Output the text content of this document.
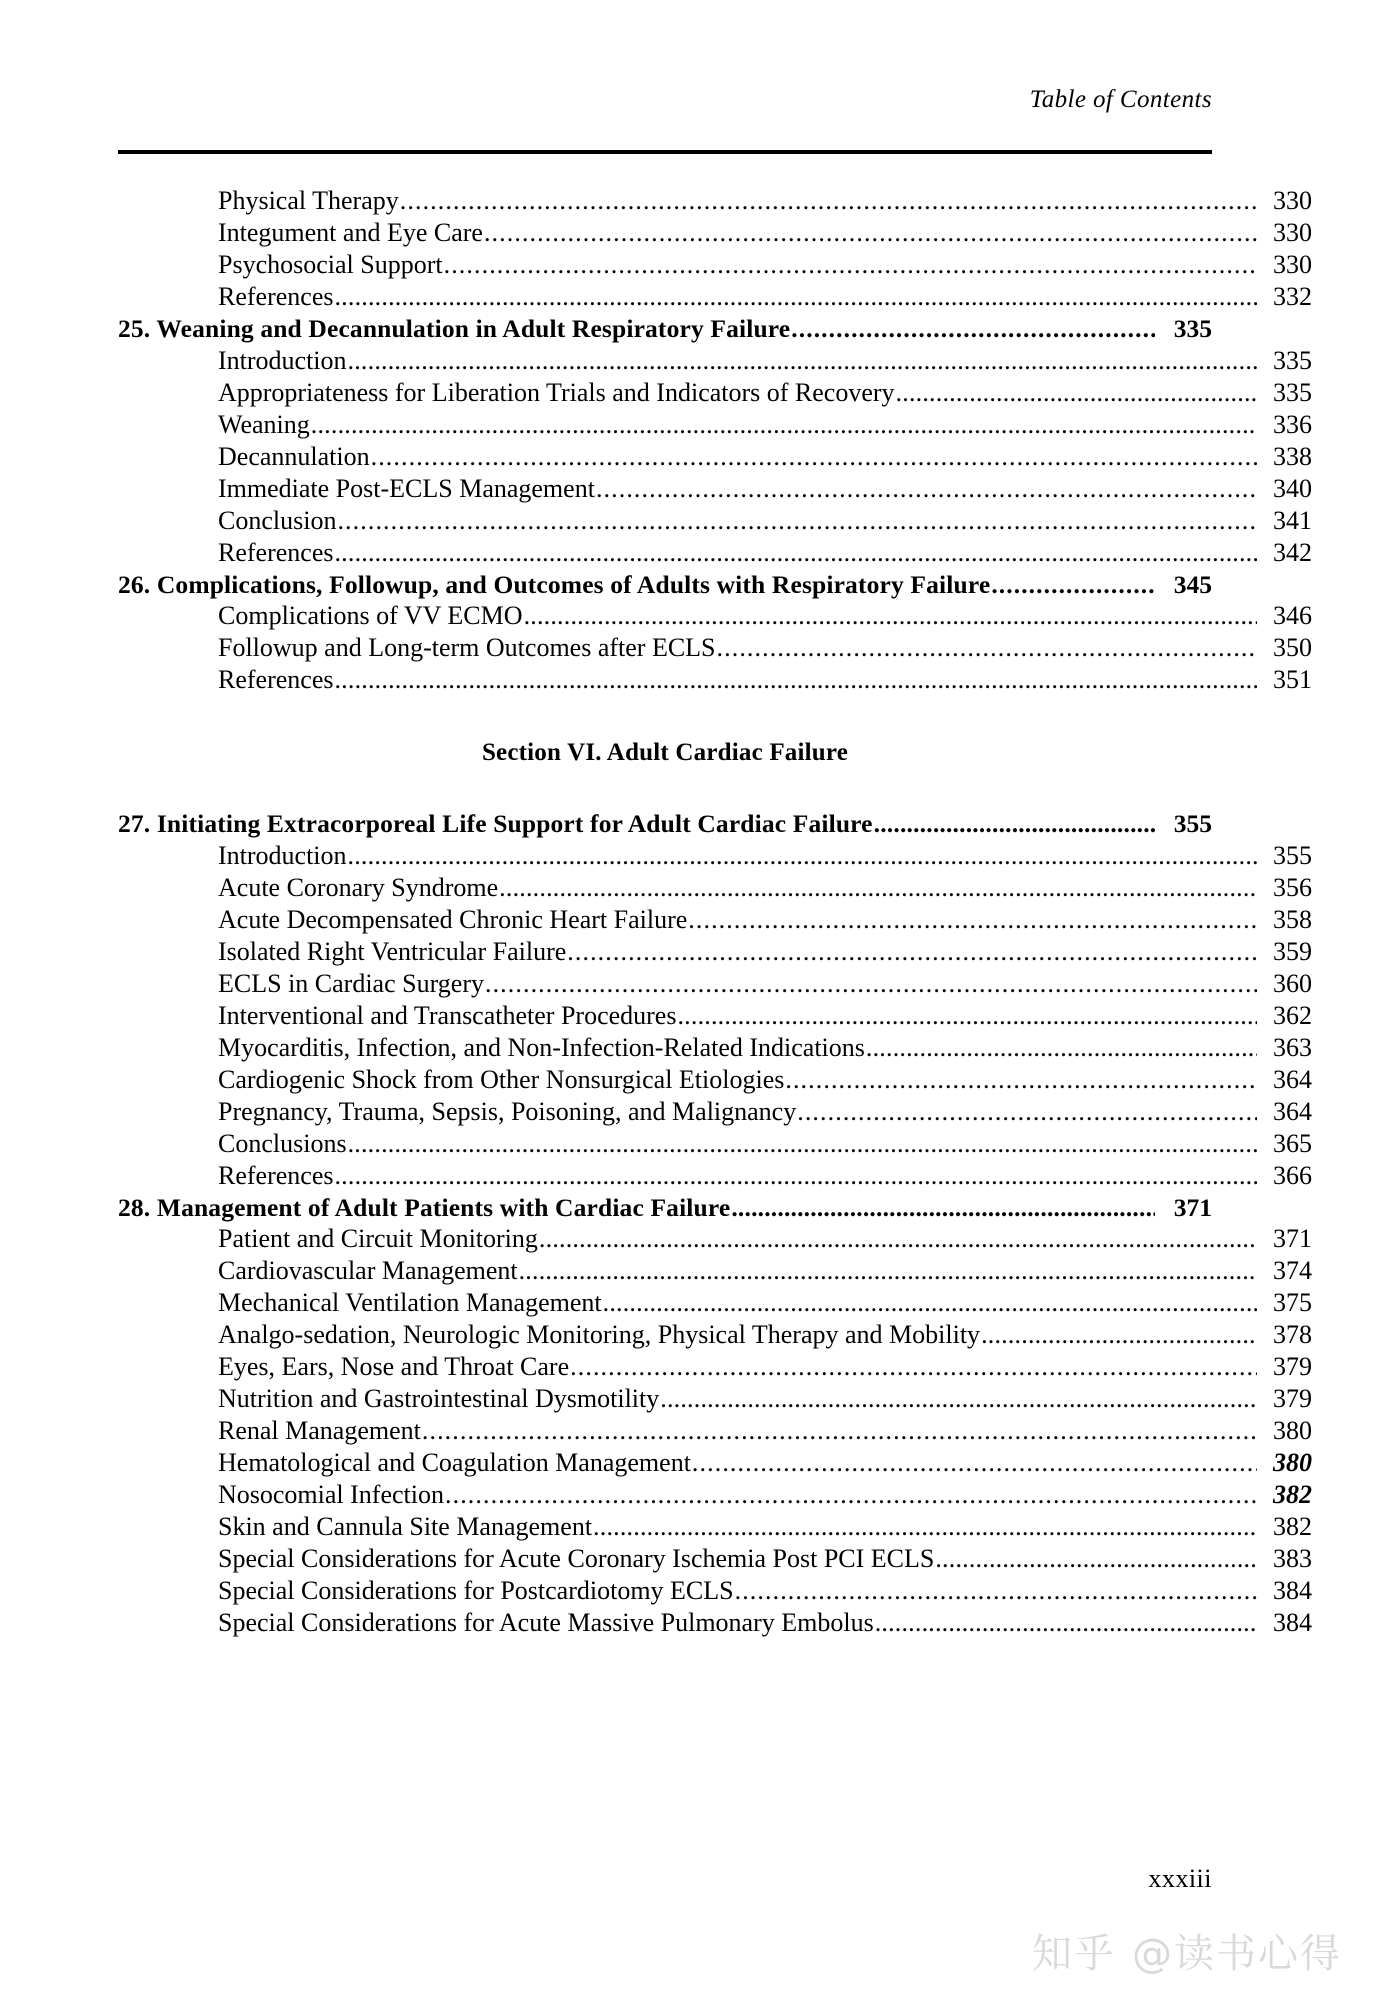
Table of Contents
Physical Therapy .....	330
Integument and Eye Care .....	330
Psychosocial Support .....	330
References .....	332
25. Weaning and Decannulation in Adult Respiratory Failure .....	335
Introduction .....	335
Appropriateness for Liberation Trials and Indicators of Recovery .....	335
Weaning .....	336
Decannulation .....	338
Immediate Post-ECLS Management .....	340
Conclusion .....	341
References .....	342
26. Complications, Followup, and Outcomes of Adults with Respiratory Failure .....	345
Complications of VV ECMO .....	346
Followup and Long-term Outcomes after ECLS .....	350
References .....	351
Section VI. Adult Cardiac Failure
27. Initiating Extracorporeal Life Support for Adult Cardiac Failure .....	355
Introduction .....	355
Acute Coronary Syndrome .....	356
Acute Decompensated Chronic Heart Failure .....	358
Isolated Right Ventricular Failure .....	359
ECLS in Cardiac Surgery .....	360
Interventional and Transcatheter Procedures .....	362
Myocarditis, Infection, and Non-Infection-Related Indications .....	363
Cardiogenic Shock from Other Nonsurgical Etiologies .....	364
Pregnancy, Trauma, Sepsis, Poisoning, and Malignancy .....	364
Conclusions .....	365
References .....	366
28. Management of Adult Patients with Cardiac Failure .....	371
Patient and Circuit Monitoring .....	371
Cardiovascular Management .....	374
Mechanical Ventilation Management .....	375
Analgo-sedation, Neurologic Monitoring, Physical Therapy and Mobility .....	378
Eyes, Ears, Nose and Throat Care .....	379
Nutrition and Gastrointestinal Dysmotility .....	379
Renal Management .....	380
Hematological and Coagulation Management .....	380
Nosocomial Infection .....	382
Skin and Cannula Site Management .....	382
Special Considerations for Acute Coronary Ischemia Post PCI ECLS .....	383
Special Considerations for Postcardiotomy ECLS .....	384
Special Considerations for Acute Massive Pulmonary Embolus .....	384
xxxiii
知乎 @读书心得
